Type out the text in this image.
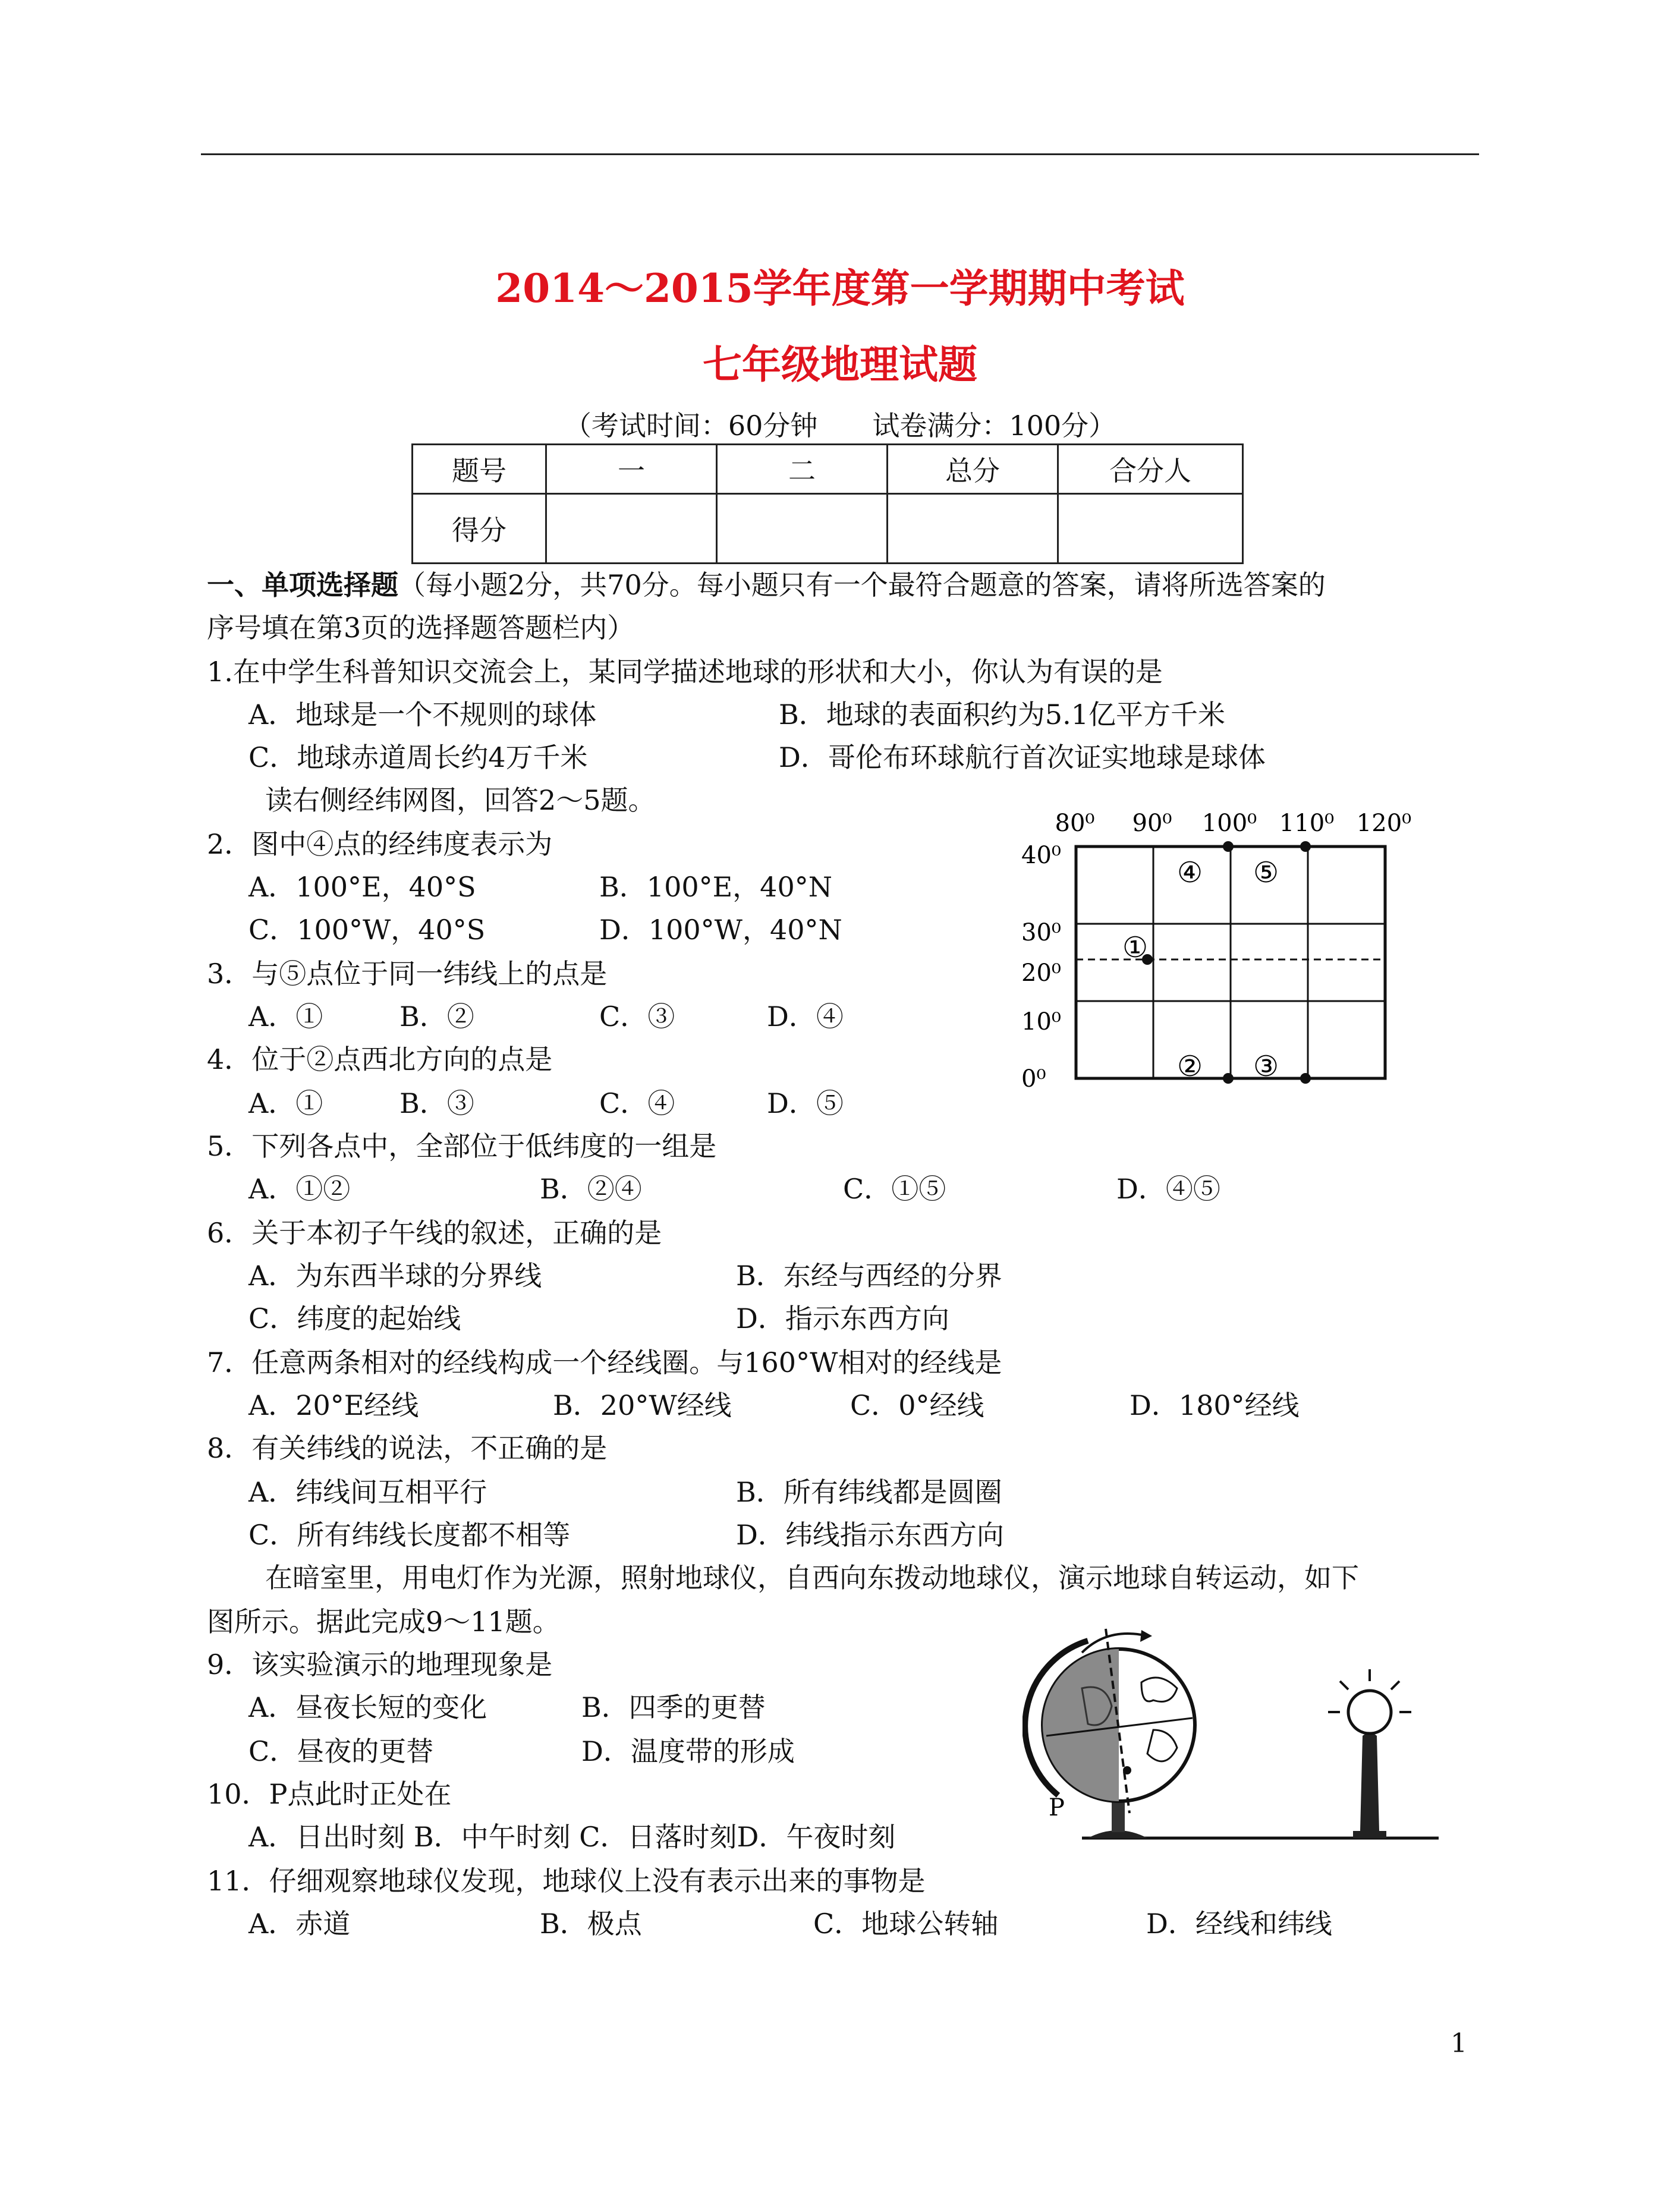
2014～2015学年度第一学期期中考试
七年级地理试题
（考试时间：60分钟　　试卷满分：100分）
题号	一	二	总分	合分人
得分				
一、单项选择题（每小题2分，共70分。每小题只有一个最符合题意的答案，请将所选答案的
序号填在第3页的选择题答题栏内）
1.在中学生科普知识交流会上，某同学描述地球的形状和大小，你认为有误的是
A．地球是一个不规则的球体	B．地球的表面积约为5.1亿平方千米
C．地球赤道周长约4万千米	D．哥伦布环球航行首次证实地球是球体
读右侧经纬网图，回答2～5题。
2．图中④点的经纬度表示为
A．100°E，40°S	B．100°E，40°N
C．100°W，40°S	D．100°W，40°N
3．与⑤点位于同一纬线上的点是
A．①	B．②	C．③	D．④
4．位于②点西北方向的点是
A．①	B．③	C．④	D．⑤
5．下列各点中，全部位于低纬度的一组是
A．①②	B．②④	C．①⑤	D．④⑤
6．关于本初子午线的叙述，正确的是
A．为东西半球的分界线	B．东经与西经的分界
C．纬度的起始线	D．指示东西方向
7．任意两条相对的经线构成一个经线圈。与160°W相对的经线是
A．20°E经线	B．20°W经线	C．0°经线	D．180°经线
8．有关纬线的说法，不正确的是
A．纬线间互相平行	B．所有纬线都是圆圈
C．所有纬线长度都不相等	D．纬线指示东西方向
在暗室里，用电灯作为光源，照射地球仪，自西向东拨动地球仪，演示地球自转运动，如下
图所示。据此完成9～11题。
9．该实验演示的地理现象是
A．昼夜长短的变化	B．四季的更替
C．昼夜的更替	D．温度带的形成
10．P点此时正处在
A．日出时刻 B．中午时刻 C．日落时刻D．午夜时刻
11．仔细观察地球仪发现，地球仪上没有表示出来的事物是
A．赤道	B．极点	C．地球公转轴	D．经线和纬线
80⁰ 90⁰ 100⁰ 110⁰ 120⁰
40⁰
30⁰
20⁰
10⁰
0⁰
①
④ ⑤
② ③
P
1
